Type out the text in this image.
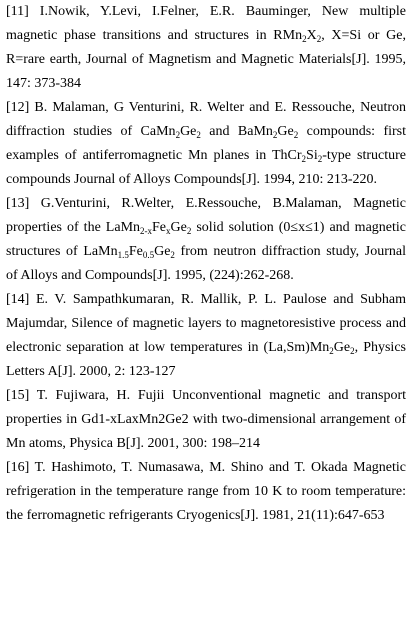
[11] I.Nowik, Y.Levi, I.Felner, E.R. Bauminger, New multiple magnetic phase transitions and structures in $RMn_2X_2$, X=Si or Ge, R=rare earth, Journal of Magnetism and Magnetic Materials[J]. 1995, 147: 373-384

[12] B. Malaman, G Venturini, R. Welter and E. Ressouche, Neutron diffraction studies of $CaMn_2Ge_2$ and $BaMn_2Ge_2$ compounds: first examples of antiferromagnetic Mn planes in $ThCr_2Si_2$-type structure compounds Journal of Alloys Compounds[J]. 1994, 210: 213-220.

[13] G.Venturini, R.Welter, E.Ressouche, B.Malaman, Magnetic properties of the $LaMn_{2-x}Fe_xGe_2$ solid solution (0≤x≤1) and magnetic structures of $LaMn_{1.5}Fe_{0.5}Ge_2$ from neutron diffraction study, Journal of Alloys and Compounds[J]. 1995, (224):262-268.

[14] E. V. Sampathkumaran, R. Mallik, P. L. Paulose and Subham Majumdar, Silence of magnetic layers to magnetoresistive process and electronic separation at low temperatures in $(La,Sm)Mn_2Ge_2$, Physics Letters A[J]. 2000, 2: 123-127

[15] T. Fujiwara, H. Fujii Unconventional magnetic and transport properties in Gd1-xLaxMn2Ge2 with two-dimensional arrangement of Mn atoms, Physica B[J]. 2001, 300: 198–214

[16] T. Hashimoto, T. Numasawa, M. Shino and T. Okada Magnetic refrigeration in the temperature range from 10 K to room temperature: the ferromagnetic refrigerants Cryogenics[J]. 1981, 21(11):647-653
